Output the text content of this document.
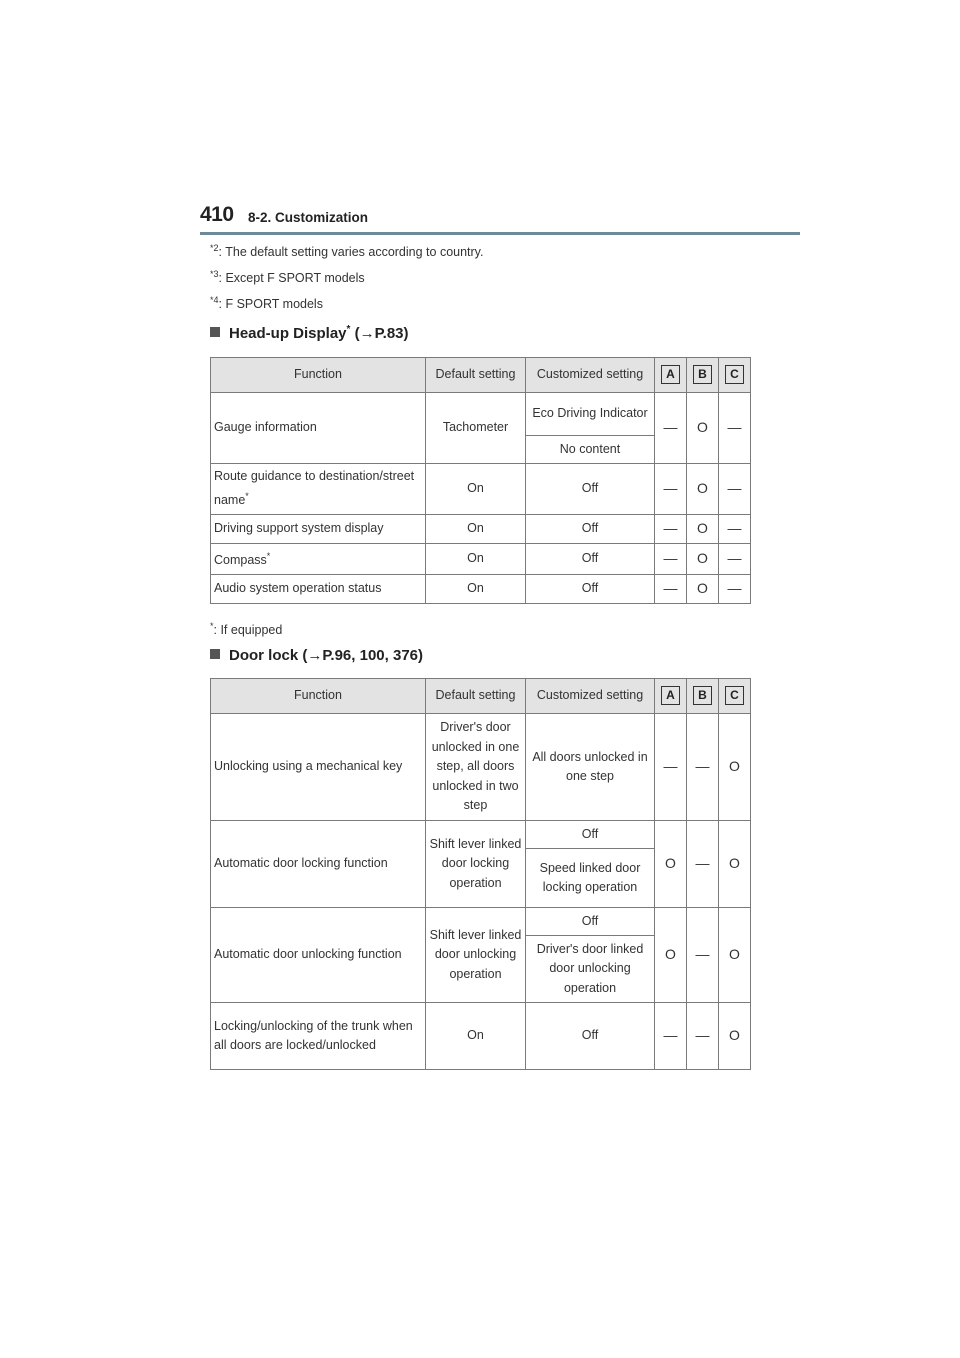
410 8-2. Customization
$^{*2}$: The default setting varies according to country.
$^{*3}$: Except F SPORT models
$^{*4}$: F SPORT models
Head-up Display* (→P.83)
Function	Default setting	Customized setting	A	B	C
Gauge information	Tachometer	Eco Driving Indicator	—	O	—
		No content			
Route guidance to destination/street name*	On	Off	—	O	—
Driving support system display	On	Off	—	O	—
Compass*	On	Off	—	O	—
Audio system operation status	On	Off	—	O	—
*: If equipped
Door lock (→P.96, 100, 376)
Function	Default setting	Customized setting	A	B	C
Unlocking using a mechanical key	Driver's door unlocked in one step, all doors unlocked in two step	All doors unlocked in one step	—	—	O
Automatic door locking function	Shift lever linked door locking operation	Off	O	—	O
		Speed linked door locking operation			
Automatic door unlocking function	Shift lever linked door unlocking operation	Off	O	—	O
		Driver's door linked door unlocking operation			
Locking/unlocking of the trunk when all doors are locked/unlocked	On	Off	—	—	O
